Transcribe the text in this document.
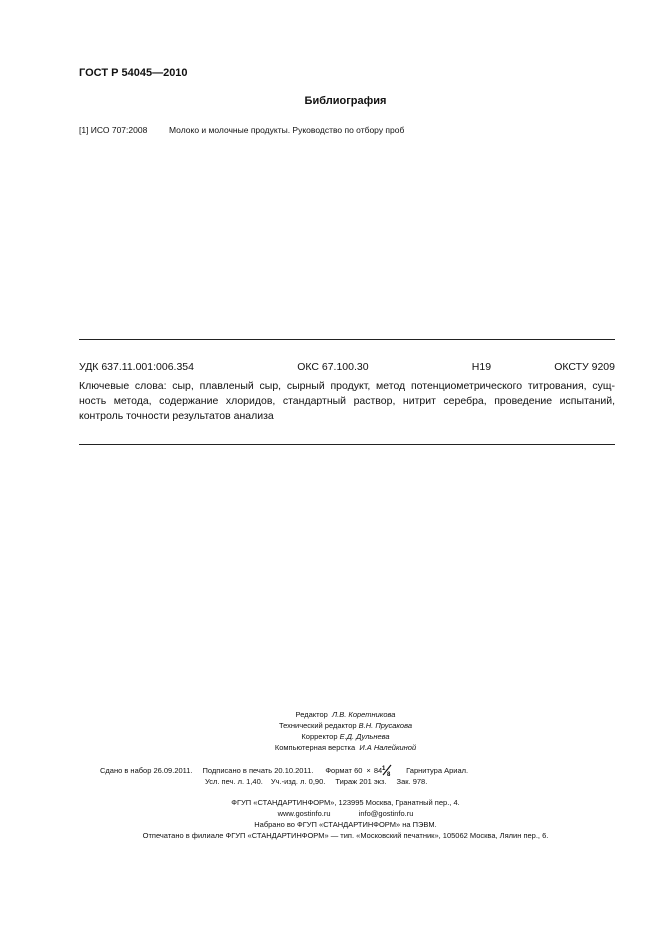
ГОСТ Р 54045—2010
Библиография
[1] ИСО 707:2008	Молоко и молочные продукты. Руководство по отбору проб
УДК 637.11.001:006.354	ОКС 67.100.30	Н19	ОКСТУ 9209
Ключевые слова: сыр, плавленый сыр, сырный продукт, метод потенциометрического титрования, сущ-
ность метода, содержание хлоридов, стандартный раствор, нитрит серебра, проведение испытаний,
контроль точности результатов анализа
Редактор Л.В. Коретникова
Технический редактор В.Н. Прусакова
Корректор Е.Д. Дульнева
Компьютерная верстка И.А Налейкиной
Сдано в набор 26.09.2011. Подписано в печать 20.10.2011. Формат 60 × 84 1
8 Гарнитура Ариал.
Усл. печ. л. 1,40. Уч.-изд. л. 0,90. Тираж 201 экз. Зак. 978.
ФГУП «СТАНДАРТИНФОРМ», 123995 Москва, Гранатный пер., 4.
www.gostinfo.ru	info@gostinfo.ru
Набрано во ФГУП «СТАНДАРТИНФОРМ» на ПЭВМ.
Отпечатано в филиале ФГУП «СТАНДАРТИНФОРМ» — тип. «Московский печатник», 105062 Москва, Лялин пер., 6.
